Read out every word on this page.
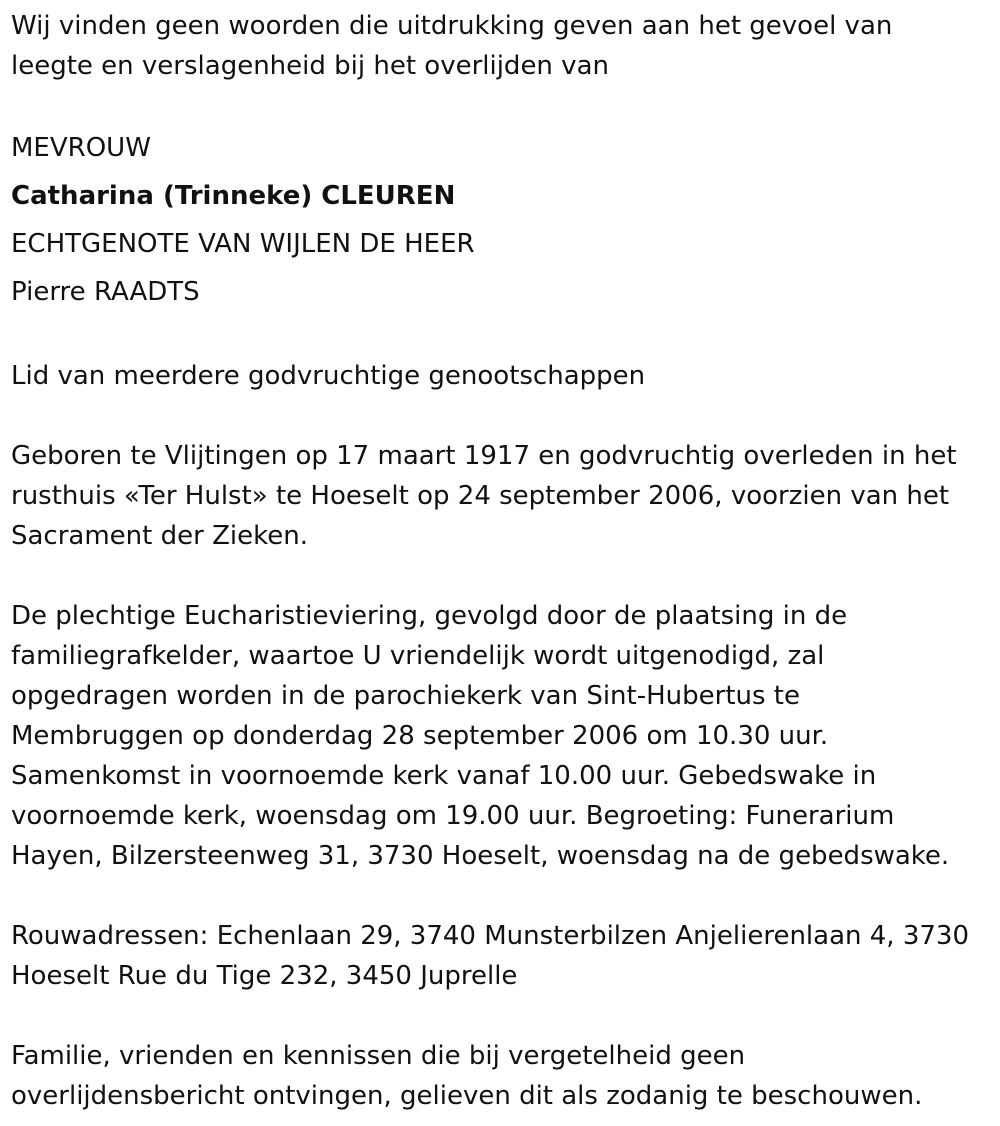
Wij vinden geen woorden die uitdrukking geven aan het gevoel van
leegte en verslagenheid bij het overlijden van
MEVROUW
Catharina (Trinneke) CLEUREN
ECHTGENOTE VAN WIJLEN DE HEER
Pierre RAADTS
Lid van meerdere godvruchtige genootschappen
Geboren te Vlijtingen op 17 maart 1917 en godvruchtig overleden in het
rusthuis «Ter Hulst» te Hoeselt op 24 september 2006, voorzien van het
Sacrament der Zieken.
De plechtige Eucharistieviering, gevolgd door de plaatsing in de
familiegrafkelder, waartoe U vriendelijk wordt uitgenodigd, zal
opgedragen worden in de parochiekerk van Sint-Hubertus te
Membruggen op donderdag 28 september 2006 om 10.30 uur.
Samenkomst in voornoemde kerk vanaf 10.00 uur. Gebedswake in
voornoemde kerk, woensdag om 19.00 uur. Begroeting: Funerarium
Hayen, Bilzersteenweg 31, 3730 Hoeselt, woensdag na de gebedswake.
Rouwadressen: Echenlaan 29, 3740 Munsterbilzen Anjelierenlaan 4, 3730
Hoeselt Rue du Tige 232, 3450 Juprelle
Familie, vrienden en kennissen die bij vergetelheid geen
overlijdensbericht ontvingen, gelieven dit als zodanig te beschouwen.
